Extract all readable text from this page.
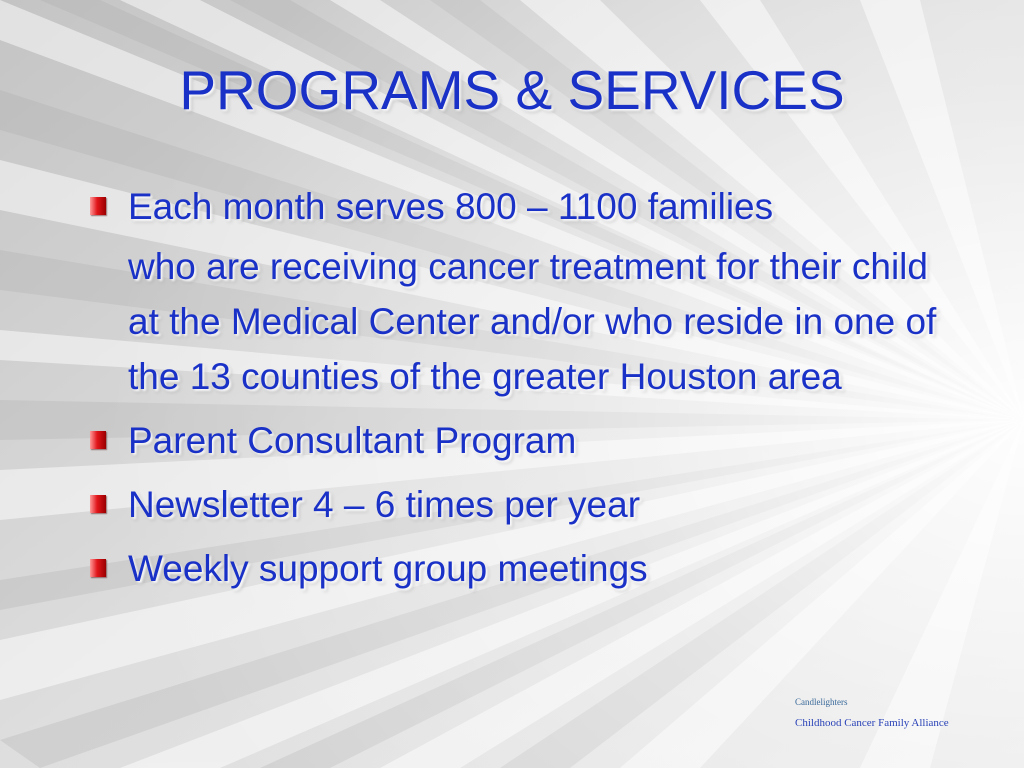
PROGRAMS & SERVICES
Each month serves 800 – 1100 families
who are receiving cancer treatment for their child at the Medical Center and/or who reside in one of the 13 counties of the greater Houston area
Parent Consultant Program
Newsletter 4 – 6 times per year
Weekly support group meetings
Candlelighters
Childhood Cancer Family Alliance
